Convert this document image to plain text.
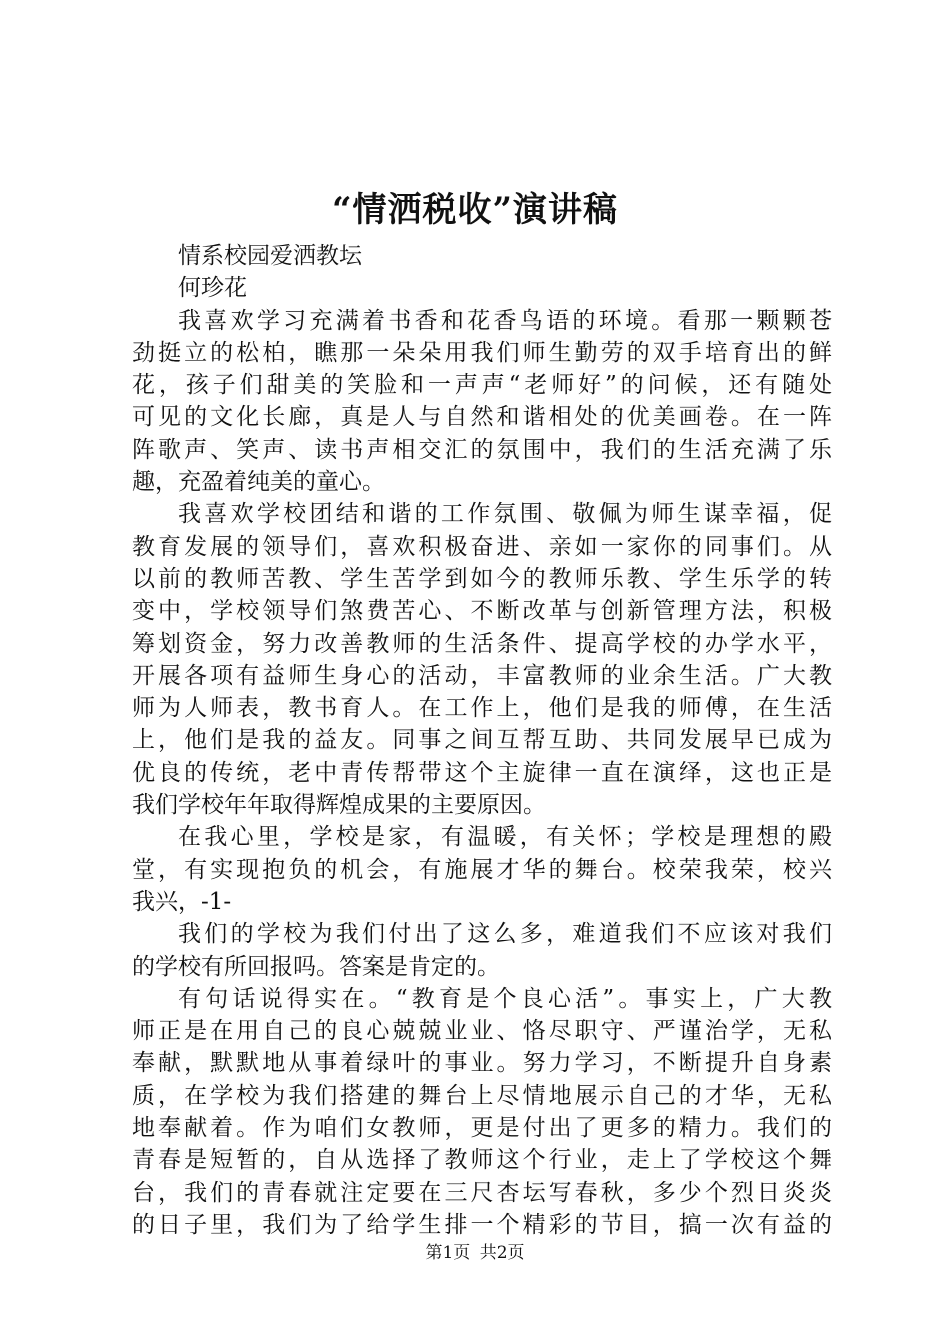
“情洒税收”演讲稿
情系校园爱洒教坛
何珍花
我喜欢学习充满着书香和花香鸟语的环境。看那一颗颗苍
劲挺立的松柏，瞧那一朵朵用我们师生勤劳的双手培育出的鲜
花，孩子们甜美的笑脸和一声声“老师好”的问候，还有随处
可见的文化长廊，真是人与自然和谐相处的优美画卷。在一阵
阵歌声、笑声、读书声相交汇的氛围中，我们的生活充满了乐
趣，充盈着纯美的童心。
我喜欢学校团结和谐的工作氛围、敬佩为师生谋幸福，促
教育发展的领导们，喜欢积极奋进、亲如一家你的同事们。从
以前的教师苦教、学生苦学到如今的教师乐教、学生乐学的转
变中，学校领导们煞费苦心、不断改革与创新管理方法，积极
筹划资金，努力改善教师的生活条件、提高学校的办学水平，
开展各项有益师生身心的活动，丰富教师的业余生活。广大教
师为人师表，教书育人。在工作上，他们是我的师傅，在生活
上，他们是我的益友。同事之间互帮互助、共同发展早已成为
优良的传统，老中青传帮带这个主旋律一直在演绎，这也正是
我们学校年年取得辉煌成果的主要原因。
在我心里，学校是家，有温暖，有关怀；学校是理想的殿
堂，有实现抱负的机会，有施展才华的舞台。校荣我荣，校兴
我兴，-1-
我们的学校为我们付出了这么多，难道我们不应该对我们
的学校有所回报吗。答案是肯定的。
有句话说得实在。“教育是个良心活”。事实上，广大教
师正是在用自己的良心兢兢业业、恪尽职守、严谨治学，无私
奉献，默默地从事着绿叶的事业。努力学习，不断提升自身素
质，在学校为我们搭建的舞台上尽情地展示自己的才华，无私
地奉献着。作为咱们女教师，更是付出了更多的精力。我们的
青春是短暂的，自从选择了教师这个行业，走上了学校这个舞
台，我们的青春就注定要在三尺杏坛写春秋，多少个烈日炎炎
的日子里，我们为了给学生排一个精彩的节目，搞一次有益的
第1页 共2页
